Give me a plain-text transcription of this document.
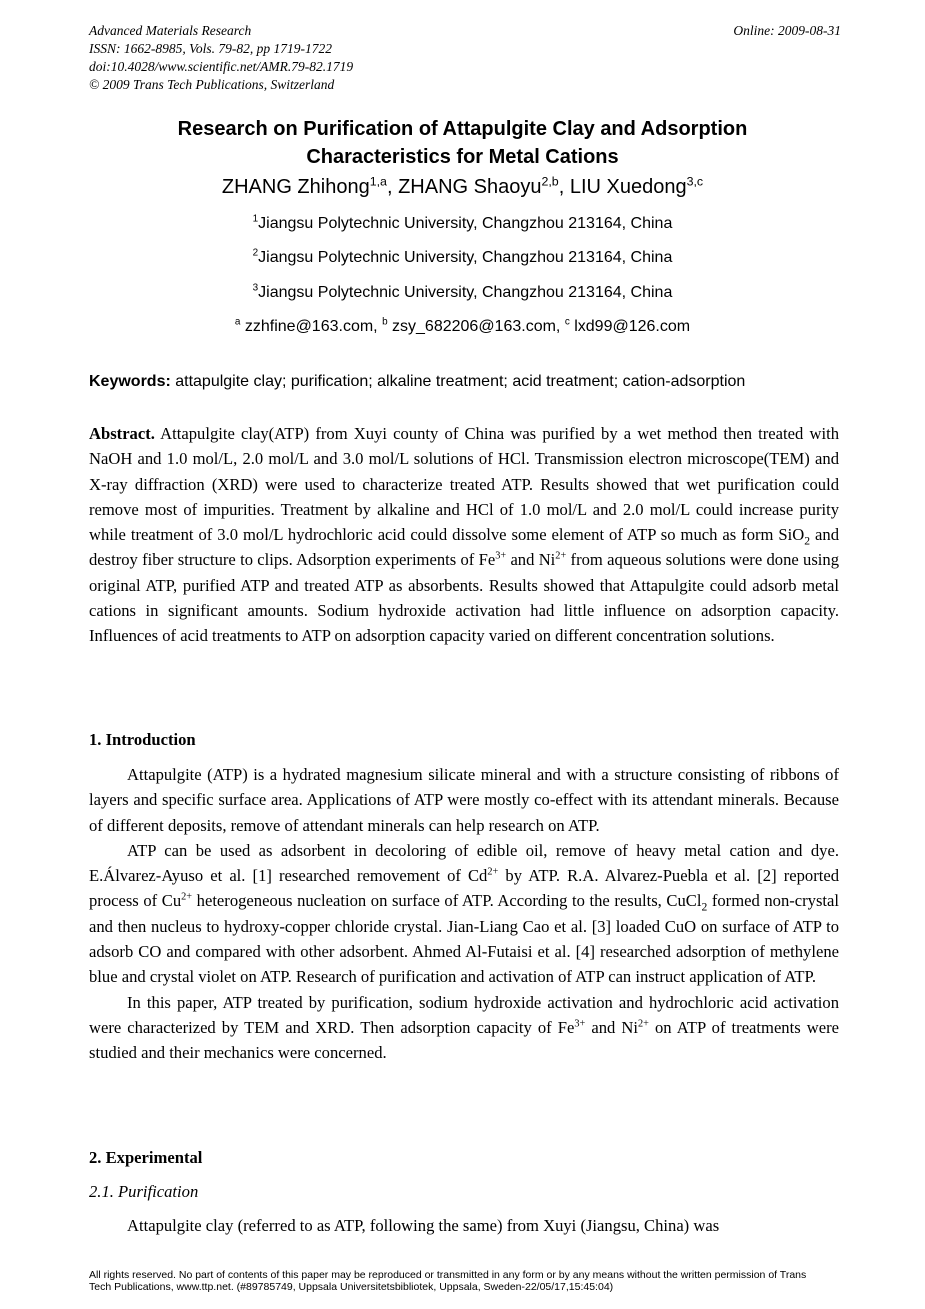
Advanced Materials Research
ISSN: 1662-8985, Vols. 79-82, pp 1719-1722
doi:10.4028/www.scientific.net/AMR.79-82.1719
© 2009 Trans Tech Publications, Switzerland
Online: 2009-08-31
Research on Purification of Attapulgite Clay and Adsorption
Characteristics for Metal Cations
ZHANG Zhihong$^{1,a}$, ZHANG Shaoyu$^{2,b}$, LIU Xuedong$^{3,c}$
$^1$Jiangsu Polytechnic University, Changzhou 213164, China
$^2$Jiangsu Polytechnic University, Changzhou 213164, China
$^3$Jiangsu Polytechnic University, Changzhou 213164, China
$^a$ zzhfine@163.com, $^b$ zsy_682206@163.com, $^c$ lxd99@126.com
Keywords: attapulgite clay; purification; alkaline treatment; acid treatment; cation-adsorption

Abstract. Attapulgite clay(ATP) from Xuyi county of China was purified by a wet method then treated with NaOH and 1.0 mol/L, 2.0 mol/L and 3.0 mol/L solutions of HCl. Transmission electron microscope(TEM) and X-ray diffraction (XRD) were used to characterize treated ATP. Results showed that wet purification could remove most of impurities. Treatment by alkaline and HCl of 1.0 mol/L and 2.0 mol/L could increase purity while treatment of 3.0 mol/L hydrochloric acid could dissolve some element of ATP so much as form SiO$_2$ and destroy fiber structure to clips. Adsorption experiments of $Fe^{3+}$ and $Ni^{2+}$ from aqueous solutions were done using original ATP, purified ATP and treated ATP as absorbents. Results showed that Attapulgite could adsorb metal cations in significant amounts. Sodium hydroxide activation had little influence on adsorption capacity. Influences of acid treatments to ATP on adsorption capacity varied on different concentration solutions.

1. Introduction

Attapulgite (ATP) is a hydrated magnesium silicate mineral and with a structure consisting of ribbons of layers and specific surface area. Applications of ATP were mostly co-effect with its attendant minerals. Because of different deposits, remove of attendant minerals can help research on ATP.

ATP can be used as adsorbent in decoloring of edible oil, remove of heavy metal cation and dye. E.Álvarez-Ayuso et al. [1] researched removement of $Cd^{2+}$ by ATP. R.A. Alvarez-Puebla et al. [2] reported process of $Cu^{2+}$ heterogeneous nucleation on surface of ATP. According to the results, CuCl$_2$ formed non-crystal and then nucleus to hydroxy-copper chloride crystal. Jian-Liang Cao et al. [3] loaded CuO on surface of ATP to adsorb CO and compared with other adsorbent. Ahmed Al-Futaisi et al. [4] researched adsorption of methylene blue and crystal violet on ATP. Research of purification and activation of ATP can instruct application of ATP.

In this paper, ATP treated by purification, sodium hydroxide activation and hydrochloric acid activation were characterized by TEM and XRD. Then adsorption capacity of $Fe^{3+}$ and $Ni^{2+}$ on ATP of treatments were studied and their mechanics were concerned.

2. Experimental
2.1. Purification

Attapulgite clay (referred to as ATP, following the same) from Xuyi (Jiangsu, China) was

All rights reserved. No part of contents of this paper may be reproduced or transmitted in any form or by any means without the written permission of Trans
Tech Publications, www.ttp.net. (#89785749, Uppsala Universitetsbibliotek, Uppsala, Sweden-22/05/17,15:45:04)
